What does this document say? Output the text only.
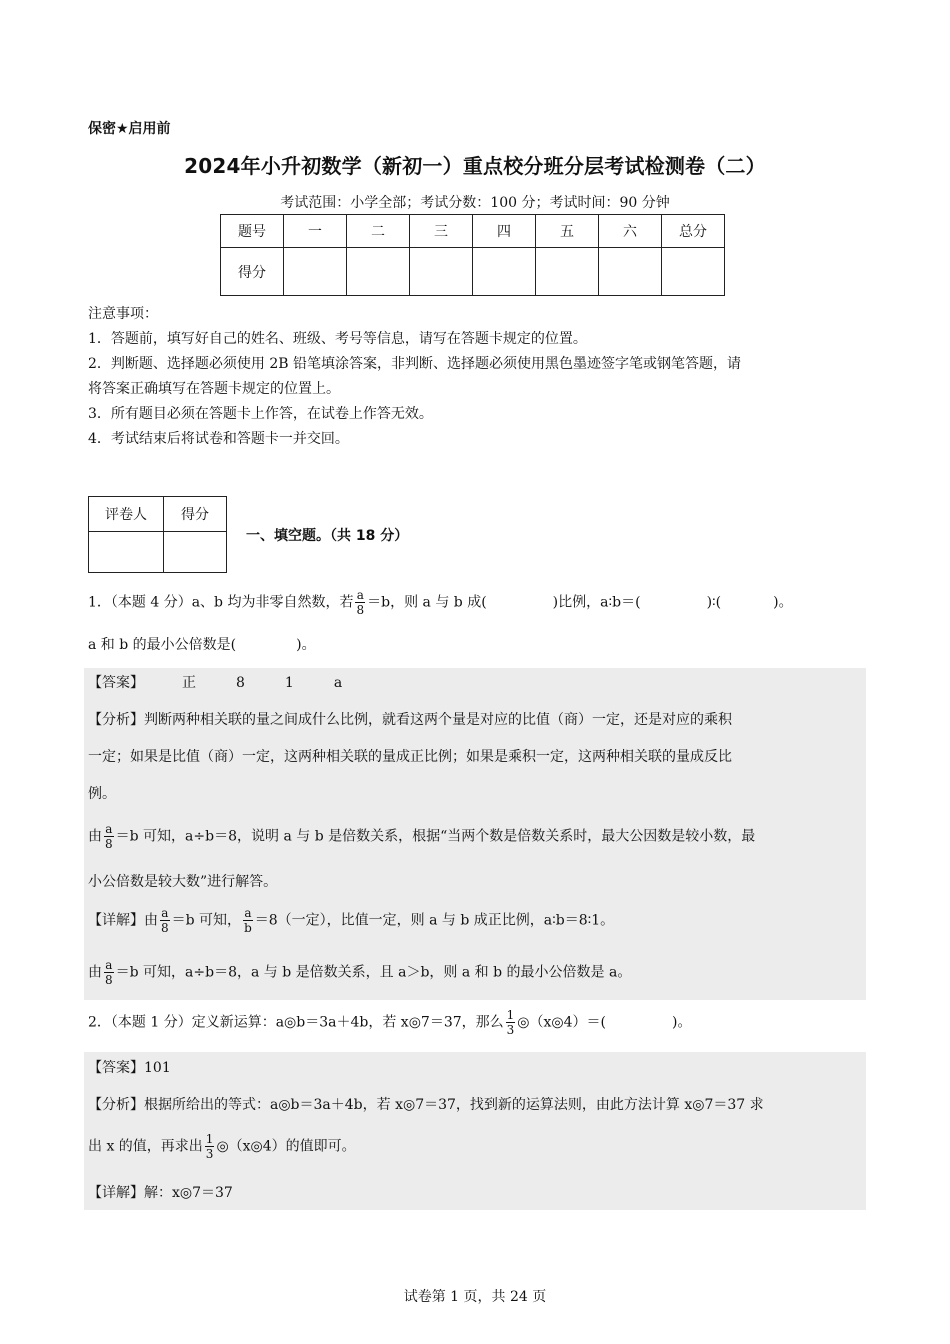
保密★启用前
2024年小升初数学（新初一）重点校分班分层考试检测卷（二）
考试范围：小学全部；考试分数：100 分；考试时间：90 分钟
题号	一	二	三	四	五	六	总分
得分							
注意事项：
1．答题前，填写好自己的姓名、班级、考号等信息，请写在答题卡规定的位置。
2．判断题、选择题必须使用 2B 铅笔填涂答案，非判断、选择题必须使用黑色墨迹签字笔或钢笔答题，请
将答案正确填写在答题卡规定的位置上。
3．所有题目必须在答题卡上作答，在试卷上作答无效。
4．考试结束后将试卷和答题卡一并交回。
评卷人	得分

一、填空题。（共 18 分）
1．（本题 4 分）a、b 均为非零自然数，若 $\frac{a}{8} =b$，则 a 与 b 成(	)比例，a∶b＝(	)∶(	)。
a 和 b 的最小公倍数是(	)。
【答案】	正	8	1	a
【分析】判断两种相关联的量之间成什么比例，就看这两个量是对应的比值（商）一定，还是对应的乘积
一定；如果是比值（商）一定，这两种相关联的量成正比例；如果是乘积一定，这两种相关联的量成反比
例。
由 $\frac{a}{8} =b$ 可知，a÷b＝8，说明 a 与 b 是倍数关系，根据“当两个数是倍数关系时，最大公因数是较小数，最
小公倍数是较大数”进行解答。
【详解】由 $\frac{a}{8} =b$ 可知， $\frac{a}{b} =8$（一定），比值一定，则 a 与 b 成正比例，a∶b＝8∶1。
由 $\frac{a}{8} =b$ 可知，a÷b＝8，a 与 b 是倍数关系，且 a＞b，则 a 和 b 的最小公倍数是 a。
2．（本题 1 分）定义新运算：a◎b＝3a＋4b，若 x◎7＝37，那么 $\frac{1}{3}$ ◎（x◎4）＝(	)。
【答案】101
【分析】根据所给出的等式：a◎b＝3a＋4b，若 x◎7＝37，找到新的运算法则，由此方法计算 x◎7＝37 求
出 x 的值，再求出 $\frac{1}{3}$ ◎（x◎4）的值即可。
【详解】解：x◎7＝37
试卷第 1 页，共 24 页
